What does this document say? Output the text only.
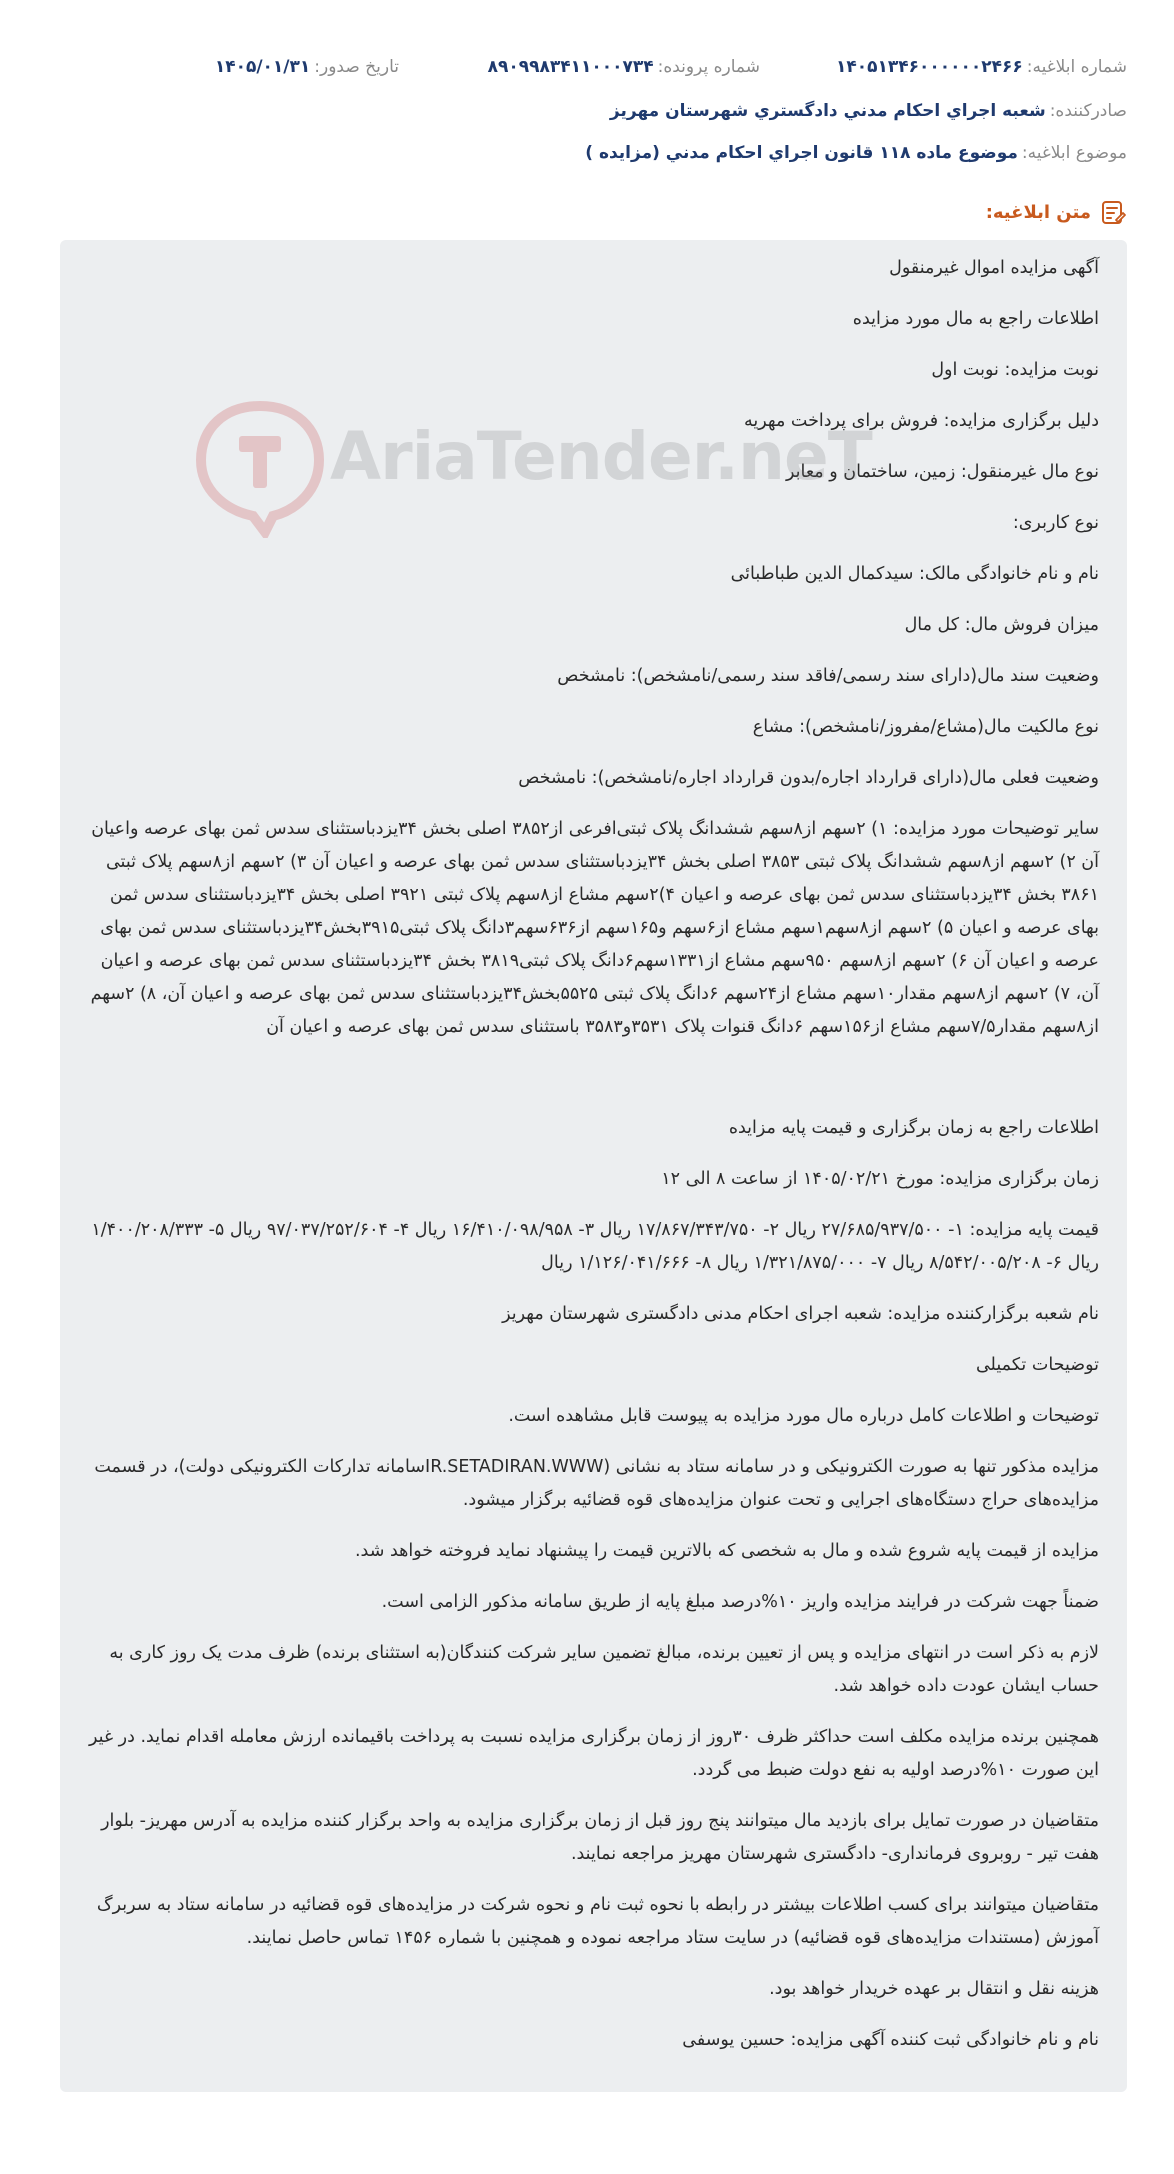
شماره ابلاغیه:
۱۴۰۵۱۳۴۶۰۰۰۰۰۰۲۴۶۶
شماره پرونده:
۸۹۰۹۹۸۳۴۱۱۰۰۰۷۳۴
تاریخ صدور:
۱۴۰۵/۰۱/۳۱
صادرکننده:
شعبه اجراي احکام مدني دادگستري شهرستان مهريز
موضوع ابلاغیه:
موضوع ماده ۱۱۸ قانون اجراي احکام مدني (مزايده )
متن ابلاغیه:

آگهی مزایده اموال غیرمنقول

اطلاعات راجع به مال مورد مزایده

نوبت مزایده: نوبت اول

دلیل برگزاری مزایده: فروش برای پرداخت مهریه

نوع مال غیرمنقول: زمین، ساختمان و معابر

نوع کاربری:

نام و نام خانوادگی مالک: سیدکمال الدین طباطبائی

میزان فروش مال: کل مال

وضعیت سند مال(دارای سند رسمی/فاقد سند رسمی/نامشخص): نامشخص

نوع مالکیت مال(مشاع/مفروز/نامشخص): مشاع

وضعیت فعلی مال(دارای قرارداد اجاره/بدون قرارداد اجاره/نامشخص): نامشخص

سایر توضیحات مورد مزایده: ۱) ۲سهم از۸سهم ششدانگ پلاک ثبتی‌افرعی از۳۸۵۲ اصلی بخش ۳۴یزدباستثنای سدس ثمن بهای عرصه واعیان آن ۲) ۲سهم از۸سهم ششدانگ پلاک ثبتی ۳۸۵۳ اصلی بخش ۳۴یزدباستثنای سدس ثمن بهای عرصه و اعیان آن ۳) ۲سهم از۸سهم پلاک ثبتی ۳۸۶۱ بخش ۳۴یزدباستثنای سدس ثمن بهای عرصه و اعیان ۴)۲سهم مشاع از۸سهم پلاک ثبتی ۳۹۲۱ اصلی بخش ۳۴یزدباستثنای سدس ثمن بهای عرصه و اعیان ۵) ۲سهم از۸سهم۱سهم مشاع از۶سهم و۱۶۵سهم از۶۳۶سهم۳دانگ پلاک ثبتی۳۹۱۵بخش۳۴یزدباستثنای سدس ثمن بهای عرصه و اعیان آن ۶) ۲سهم از۸سهم ۹۵۰سهم مشاع از۱۳۳۱سهم۶دانگ پلاک ثبتی۳۸۱۹ بخش ۳۴یزدباستثنای سدس ثمن بهای عرصه و اعیان آن، ۷) ۲سهم از۸سهم مقدار۱۰سهم مشاع از۲۴سهم ۶دانگ پلاک ثبتی ۵۵۲۵بخش۳۴یزدباستثنای سدس ثمن بهای عرصه و اعیان آن، ۸) ۲سهم از۸سهم مقدار۷/۵سهم مشاع از۱۵۶سهم ۶دانگ قنوات پلاک ۳۵۳۱و۳۵۸۳ باستثنای سدس ثمن بهای عرصه و اعیان آن

اطلاعات راجع به زمان برگزاری و قیمت پایه مزایده

زمان برگزاری مزایده: مورخ ۱۴۰۵/۰۲/۲۱ از ساعت ۸ الی ۱۲

قیمت پایه مزایده: ۱- ۲۷/۶۸۵/۹۳۷/۵۰۰ ریال ۲- ۱۷/۸۶۷/۳۴۳/۷۵۰ ریال ۳- ۱۶/۴۱۰/۰۹۸/۹۵۸ ریال ۴- ۹۷/۰۳۷/۲۵۲/۶۰۴ ریال ۵- ۱/۴۰۰/۲۰۸/۳۳۳ ریال ۶- ۸/۵۴۲/۰۰۵/۲۰۸ ریال ۷- ۱/۳۲۱/۸۷۵/۰۰۰ ریال ۸- ۱/۱۲۶/۰۴۱/۶۶۶ ریال

نام شعبه برگزارکننده مزایده: شعبه اجرای احکام مدنی دادگستری شهرستان مهریز

توضیحات تکمیلی

توضیحات و اطلاعات کامل درباره مال مورد مزایده به پیوست قابل مشاهده است.

مزایده مذکور تنها به صورت الکترونیکی و در سامانه ستاد به نشانی (IR.SETADIRAN.WWWسامانه تدارکات الکترونیکی دولت)، در قسمت مزایده‌های حراج دستگاه‌های اجرایی و تحت عنوان مزایده‌های قوه قضائیه برگزار میشود.

مزایده از قیمت پایه شروع شده و مال به شخصی که بالاترین قیمت را پیشنهاد نماید فروخته خواهد شد.

ضمناً جهت شرکت در فرایند مزایده واریز ۱۰%درصد مبلغ پایه از طریق سامانه مذکور الزامی است.

لازم به ذکر است در انتهای مزایده و پس از تعیین برنده، مبالغ تضمین سایر شرکت کنندگان(به استثنای برنده) ظرف مدت یک روز کاری به حساب ایشان عودت داده خواهد شد.

همچنین برنده مزایده مکلف است حداکثر ظرف ۳۰روز از زمان برگزاری مزایده نسبت به پرداخت باقیمانده ارزش معامله اقدام نماید. در غیر این صورت ۱۰%درصد اولیه به نفع دولت ضبط می گردد.

متقاضیان در صورت تمایل برای بازدید مال میتوانند پنج روز قبل از زمان برگزاری مزایده به واحد برگزار کننده مزایده به آدرس مهریز- بلوار هفت تیر - روبروی فرمانداری- دادگستری شهرستان مهریز مراجعه نمایند.

متقاضیان میتوانند برای کسب اطلاعات بیشتر در رابطه با نحوه ثبت نام و نحوه شرکت در مزایده‌های قوه قضائیه در سامانه ستاد به سربرگ آموزش (مستندات مزایده‌های قوه قضائیه) در سایت ستاد مراجعه نموده و همچنین با شماره ۱۴۵۶ تماس حاصل نمایند.

هزینه نقل و انتقال بر عهده خریدار خواهد بود.

نام و نام خانوادگی ثبت کننده آگهی مزایده: حسین یوسفی

AriaTender.neT
